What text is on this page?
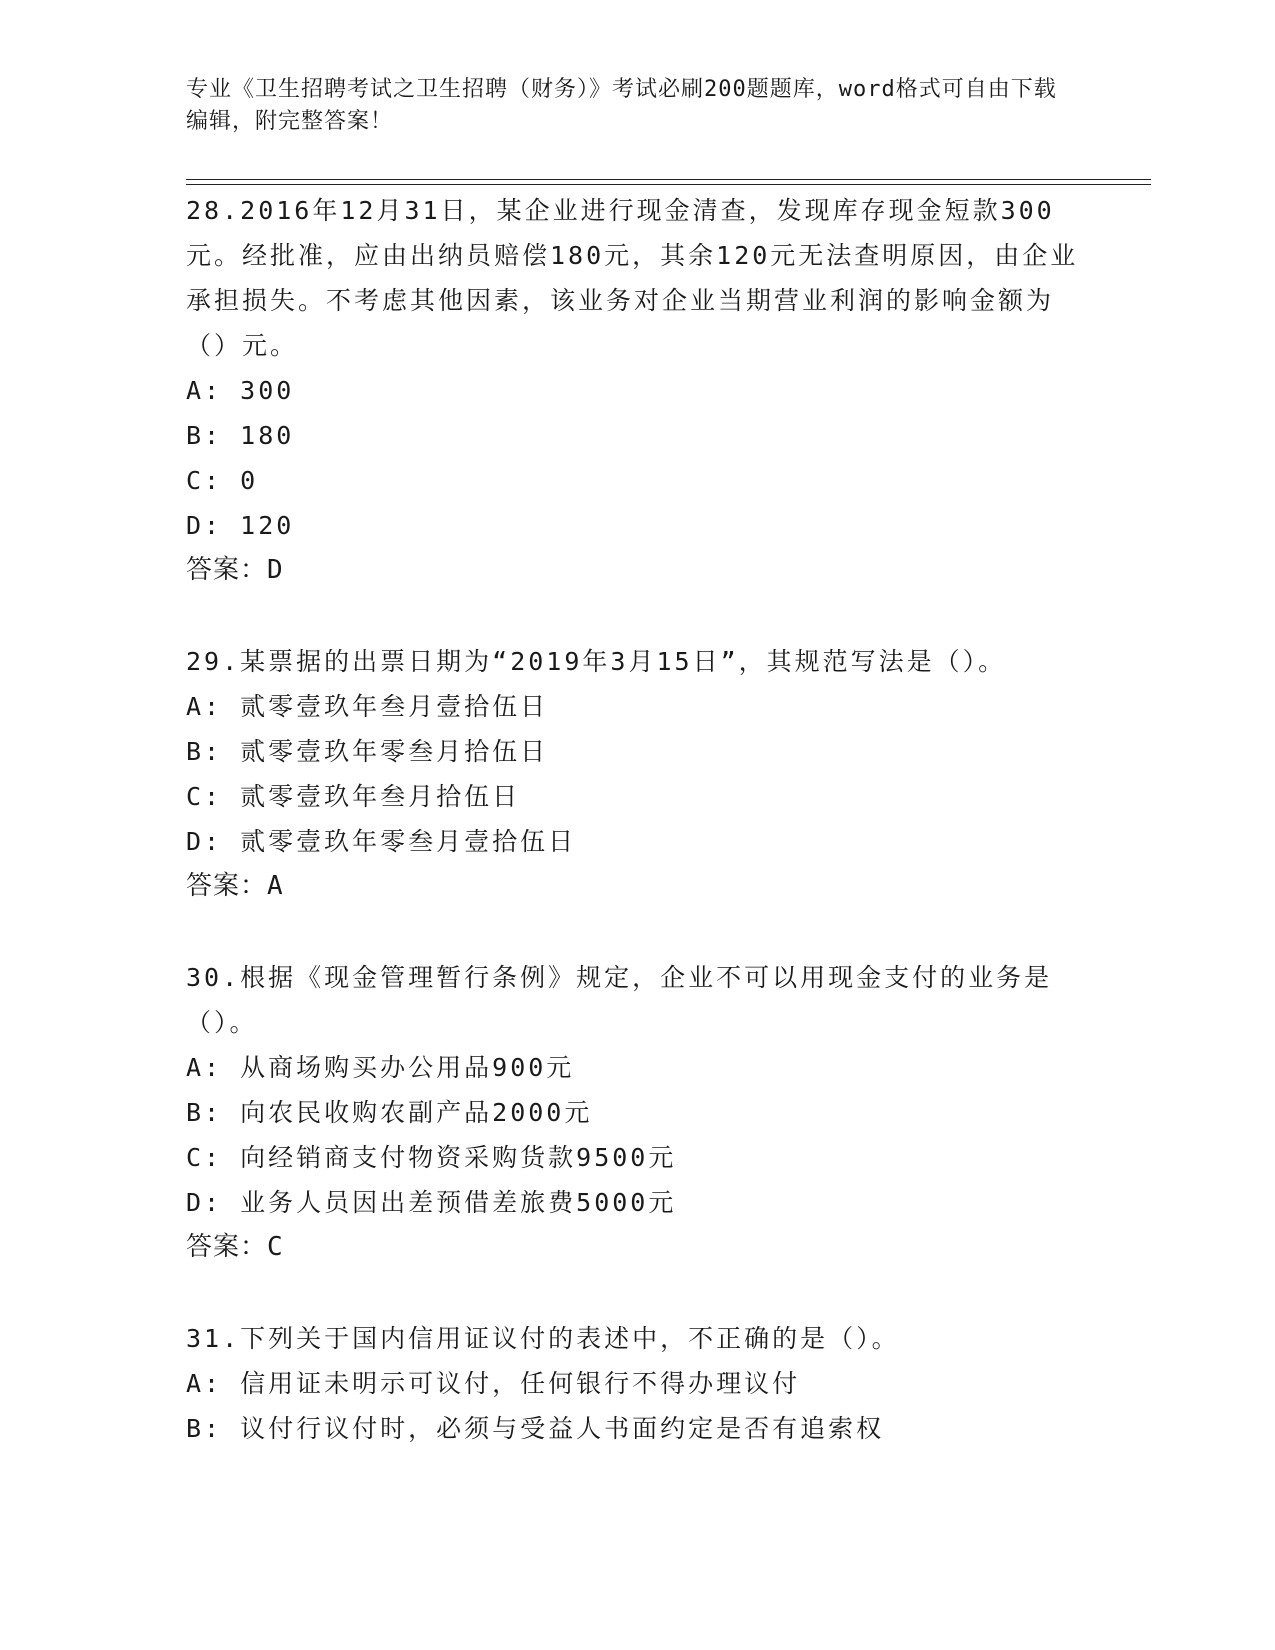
专业《卫生招聘考试之卫生招聘（财务）》考试必刷200题题库，word格式可自由下载编辑，附完整答案！

28.2016年12月31日，某企业进行现金清查，发现库存现金短款300元。经批准，应由出纳员赔偿180元，其余120元无法查明原因，由企业承担损失。不考虑其他因素，该业务对企业当期营业利润的影响金额为（）元。

A: 300

B: 180

C: 0

D: 120

答案：D

29.某票据的出票日期为“2019年3月15日”，其规范写法是（）。

A: 贰零壹玖年叁月壹拾伍日

B: 贰零壹玖年零叁月拾伍日

C: 贰零壹玖年叁月拾伍日

D: 贰零壹玖年零叁月壹拾伍日

答案：A

30.根据《现金管理暂行条例》规定，企业不可以用现金支付的业务是（）。

A: 从商场购买办公用品900元

B: 向农民收购农副产品2000元

C: 向经销商支付物资采购货款9500元

D: 业务人员因出差预借差旅费5000元

答案：C

31.下列关于国内信用证议付的表述中，不正确的是（）。

A: 信用证未明示可议付，任何银行不得办理议付

B: 议付行议付时，必须与受益人书面约定是否有追索权
